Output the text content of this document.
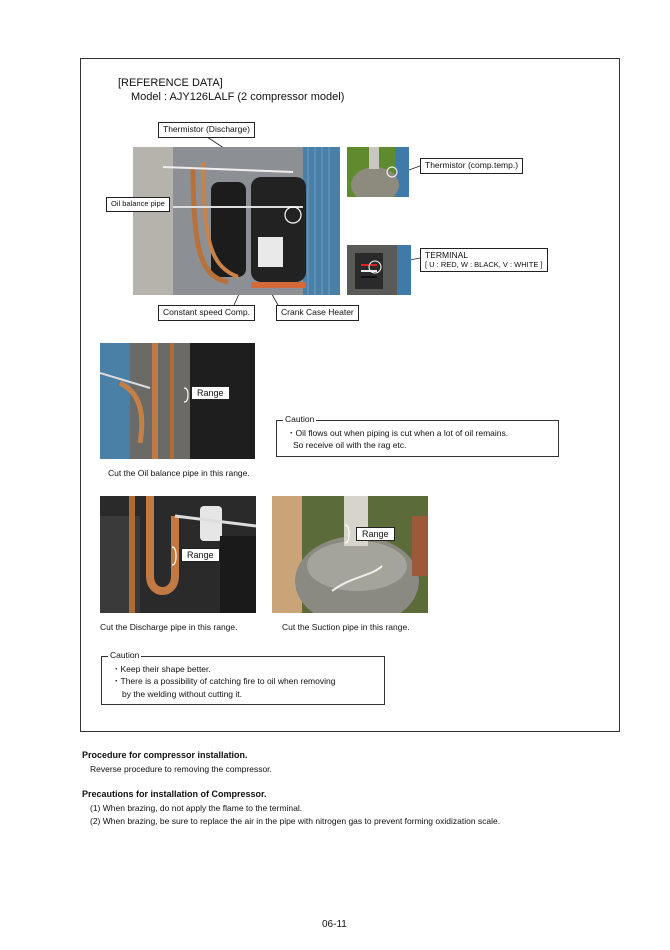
[REFERENCE DATA]
Model : AJY126LALF (2 compressor model)
Thermistor (Discharge)
Oil balance pipe
Thermistor (comp.temp.)
TERMINAL
[ U : RED, W : BLACK, V : WHITE ]
Constant speed Comp.	Crank Case Heater
Range
Cut the Oil balance pipe in this range.
・Oil flows out when piping is cut when a lot of oil remains.
So receive oil with the rag etc.
Caution
Range
Cut the Discharge pipe in this range.
Range
Cut the Suction pipe in this range.
・Keep their shape better.
・There is a possibility of catching fire to oil when removing
by the welding without cutting it.
Caution
Procedure for compressor installation.
Reverse procedure to removing the compressor.
Precautions for installation of Compressor.
(1) When brazing, do not apply the flame to the terminal.
(2) When brazing, be sure to replace the air in the pipe with nitrogen gas to prevent forming oxidization scale.
06-11
